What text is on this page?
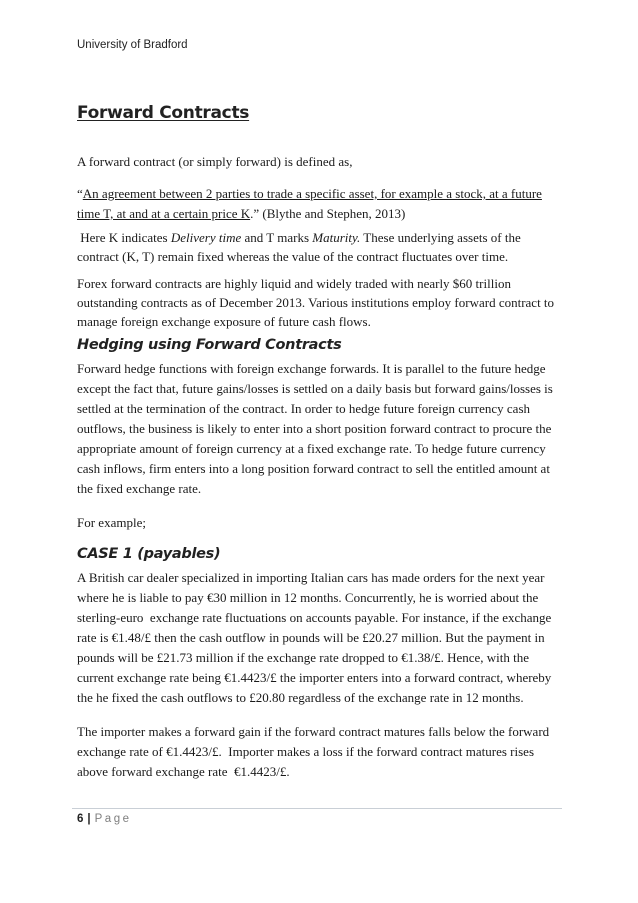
University of Bradford
Forward Contracts
A forward contract (or simply forward) is defined as,
“An agreement between 2 parties to trade a specific asset, for example a stock, at a future
time T, at and at a certain price K.” (Blythe and Stephen, 2013)
Here K indicates Delivery time and T marks Maturity. These underlying assets of the
contract (K, T) remain fixed whereas the value of the contract fluctuates over time.
Forex forward contracts are highly liquid and widely traded with nearly $60 trillion
outstanding contracts as of December 2013. Various institutions employ forward contract to
manage foreign exchange exposure of future cash flows.
Hedging using Forward Contracts
Forward hedge functions with foreign exchange forwards. It is parallel to the future hedge
except the fact that, future gains/losses is settled on a daily basis but forward gains/losses is
settled at the termination of the contract. In order to hedge future foreign currency cash
outflows, the business is likely to enter into a short position forward contract to procure the
appropriate amount of foreign currency at a fixed exchange rate. To hedge future currency
cash inflows, firm enters into a long position forward contract to sell the entitled amount at
the fixed exchange rate.
For example;
CASE 1 (payables)
A British car dealer specialized in importing Italian cars has made orders for the next year
where he is liable to pay €30 million in 12 months. Concurrently, he is worried about the
sterling-euro  exchange rate fluctuations on accounts payable. For instance, if the exchange
rate is €1.48/£ then the cash outflow in pounds will be £20.27 million. But the payment in
pounds will be £21.73 million if the exchange rate dropped to €1.38/£. Hence, with the
current exchange rate being €1.4423/£ the importer enters into a forward contract, whereby
the he fixed the cash outflows to £20.80 regardless of the exchange rate in 12 months.
The importer makes a forward gain if the forward contract matures falls below the forward
exchange rate of €1.4423/£.  Importer makes a loss if the forward contract matures rises
above forward exchange rate  €1.4423/£.
6 | Page
